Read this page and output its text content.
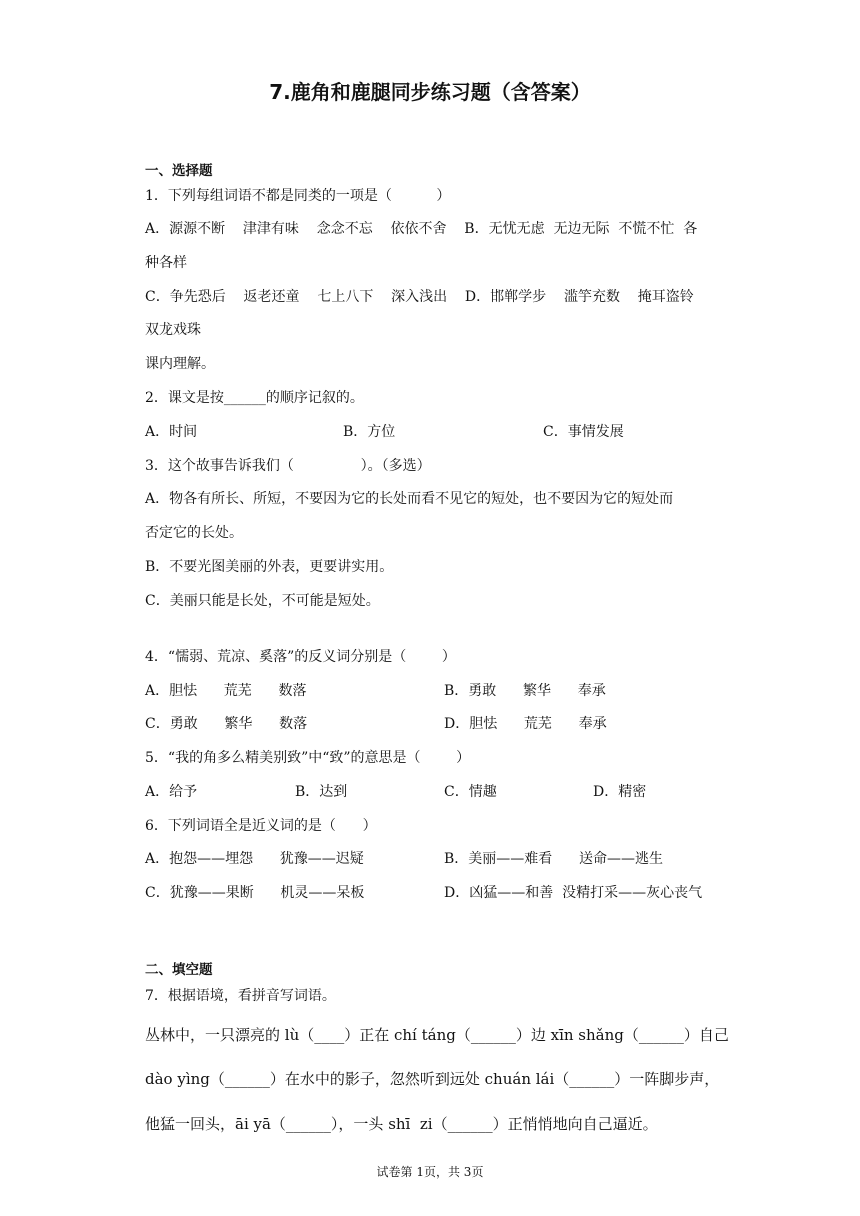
7.鹿角和鹿腿同步练习题（含答案）
一、选择题
1．下列每组词语不都是同类的一项是（          ）
A．源源不断    津津有味    念念不忘    依依不舍    B．无忧无虑  无边无际  不慌不忙  各
种各样
C．争先恐后    返老还童    七上八下    深入浅出    D．邯郸学步    滥竽充数    掩耳盗铃
双龙戏珠
课内理解。
2．课文是按______的顺序记叙的。

A．时间

	B．方位

	C．事情发展

3．这个故事告诉我们（               ）。（多选）
A．物各有所长、所短，不要因为它的长处而看不见它的短处，也不要因为它的短处而
否定它的长处。
B．不要光图美丽的外表，更要讲实用。
C．美丽只能是长处，不可能是短处。
4．“懦弱、荒凉、奚落”的反义词分别是（        ）

A．胆怯      荒芜      数落

	B．勇敢      繁华      奉承

C．勇敢      繁华      数落

	D．胆怯      荒芜      奉承

5．“我的角多么精美别致”中“致”的意思是（        ）

A．给予

	B．达到

	C．情趣

	D．精密

6．下列词语全是近义词的是（      ）

A．抱怨——埋怨      犹豫——迟疑

	B．美丽——难看      送命——逃生

C．犹豫——果断      机灵——呆板

	D．凶猛——和善  没精打采——灰心丧气

二、填空题
7．根据语境，看拼音写词语。
丛林中，一只漂亮的 lù（____）正在 chí táng（______）边 xīn shǎng（______）自己
dào yìng（______）在水中的影子，忽然听到远处 chuán lái（______）一阵脚步声，
他猛一回头，āi yā（______），一头 shī  zi（______）正悄悄地向自己逼近。
试卷第 1页，共 3页
